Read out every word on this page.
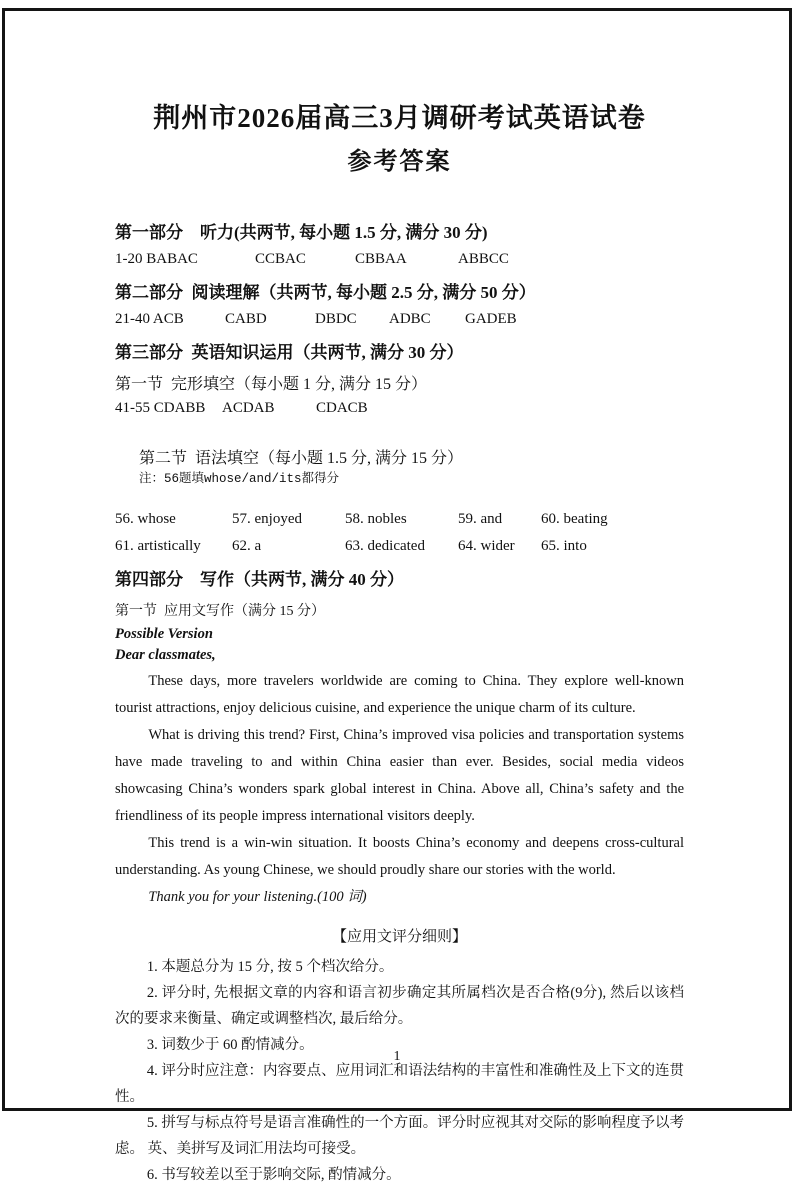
荆州市2026届高三3月调研考试英语试卷
参考答案
第一部分　听力(共两节, 每小题 1.5 分, 满分 30 分)
1-20 BABAC	CCBAC	CBBAA	ABBCC
第二部分  阅读理解（共两节, 每小题 2.5 分, 满分 50 分）
21-40 ACB	CABD	DBDC	ADBC	GADEB
第三部分  英语知识运用（共两节, 满分 30 分）
第一节  完形填空（每小题 1 分, 满分 15 分）
41-55 CDABB	ACDAB	CDACB

第二节  语法填空（每小题 1.5 分, 满分 15 分）
注：56题填whose/and/its都得分

56. whose	57. enjoyed	58. nobles	59. and	60. beating
61. artistically	62. a	63. dedicated	64. wider	65. into
第四部分　写作（共两节, 满分 40 分）
第一节  应用文写作（满分 15 分）
Possible Version
Dear classmates,
These days, more travelers worldwide are coming to China. They explore well-known tourist attractions, enjoy delicious cuisine, and experience the unique charm of its culture.
What is driving this trend? First, China’s improved visa policies and transportation systems have made traveling to and within China easier than ever. Besides, social media videos showcasing China’s wonders spark global interest in China. Above all, China’s safety and the friendliness of its people impress international visitors deeply.
This trend is a win-win situation. It boosts China’s economy and deepens cross-cultural understanding. As young Chinese, we should proudly share our stories with the world.
Thank you for your listening.(100 词)
【应用文评分细则】
1. 本题总分为 15 分, 按 5 个档次给分。
2. 评分时, 先根据文章的内容和语言初步确定其所属档次是否合格(9分), 然后以该档次的要求来衡量、确定或调整档次, 最后给分。
3. 词数少于 60 酌情减分。
4. 评分时应注意：内容要点、应用词汇和语法结构的丰富性和准确性及上下文的连贯性。
5. 拼写与标点符号是语言准确性的一个方面。评分时应视其对交际的影响程度予以考虑。 英、美拼写及词汇用法均可接受。
6. 书写较差以至于影响交际, 酌情减分。
1
